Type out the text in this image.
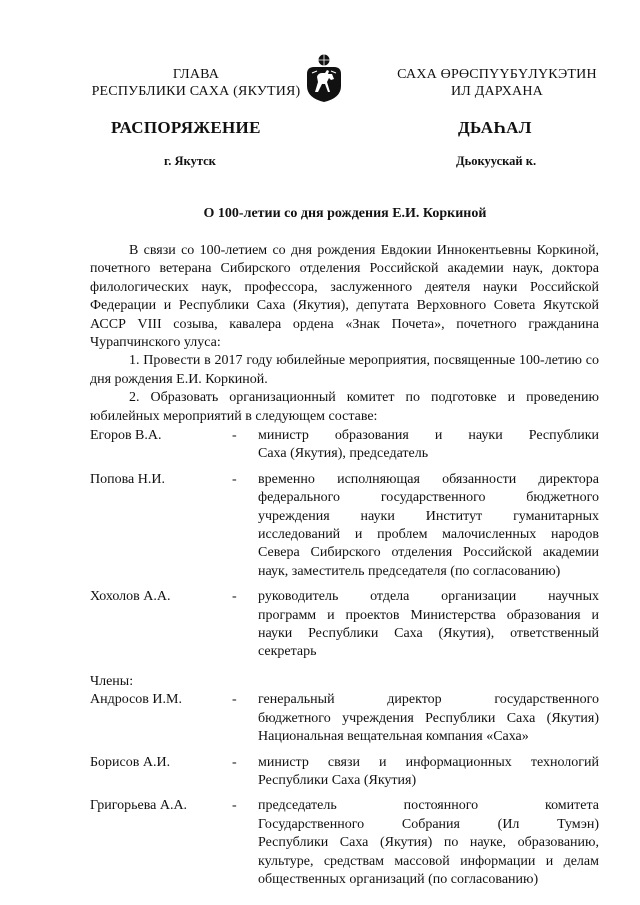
ГЛАВА
РЕСПУБЛИКИ САХА (ЯКУТИЯ)
САХА ӨРӨСПҮҮБҮЛҮКЭТИН
ИЛ ДАРХАНА
РАСПОРЯЖЕНИЕ	ДЬАҺАЛ
г. Якутск	Дьокуускай к.
О 100-летии со дня рождения Е.И. Коркиной

В связи со 100-летием со дня рождения Евдокии Иннокентьевны Коркиной, почетного ветерана Сибирского отделения Российской академии наук, доктора филологических наук, профессора, заслуженного деятеля науки Российской Федерации и Республики Саха (Якутия), депутата Верховного Совета Якутской АССР VIII созыва, кавалера ордена «Знак Почета», почетного гражданина Чурапчинского улуса:

1. Провести в 2017 году юбилейные мероприятия, посвященные 100-летию со дня рождения Е.И. Коркиной.

2. Образовать организационный комитет по подготовке и проведению юбилейных мероприятий в следующем составе:

Егоров В.А.	-	министр образования и науки Республики
Саха (Якутия), председатель
Попова Н.И.	-	временно исполняющая обязанности директора
федерального государственного бюджетного
учреждения науки Институт гуманитарных
исследований и проблем малочисленных народов
Севера Сибирского отделения Российской академии
наук, заместитель председателя (по согласованию)
Хохолов А.А.	-	руководитель отдела организации научных
программ и проектов Министерства образования и
науки Республики Саха (Якутия), ответственный
секретарь
Члены:
Андросов И.М.	-	генеральный директор государственного
бюджетного учреждения Республики Саха (Якутия)
Национальная вещательная компания «Саха»
Борисов А.И.	-	министр связи и информационных технологий
Республики Саха (Якутия)
Григорьева А.А.	-	председатель постоянного комитета
Государственного Собрания (Ил Тумэн)
Республики Саха (Якутия) по науке, образованию,
культуре, средствам массовой информации и делам
общественных организаций (по согласованию)
